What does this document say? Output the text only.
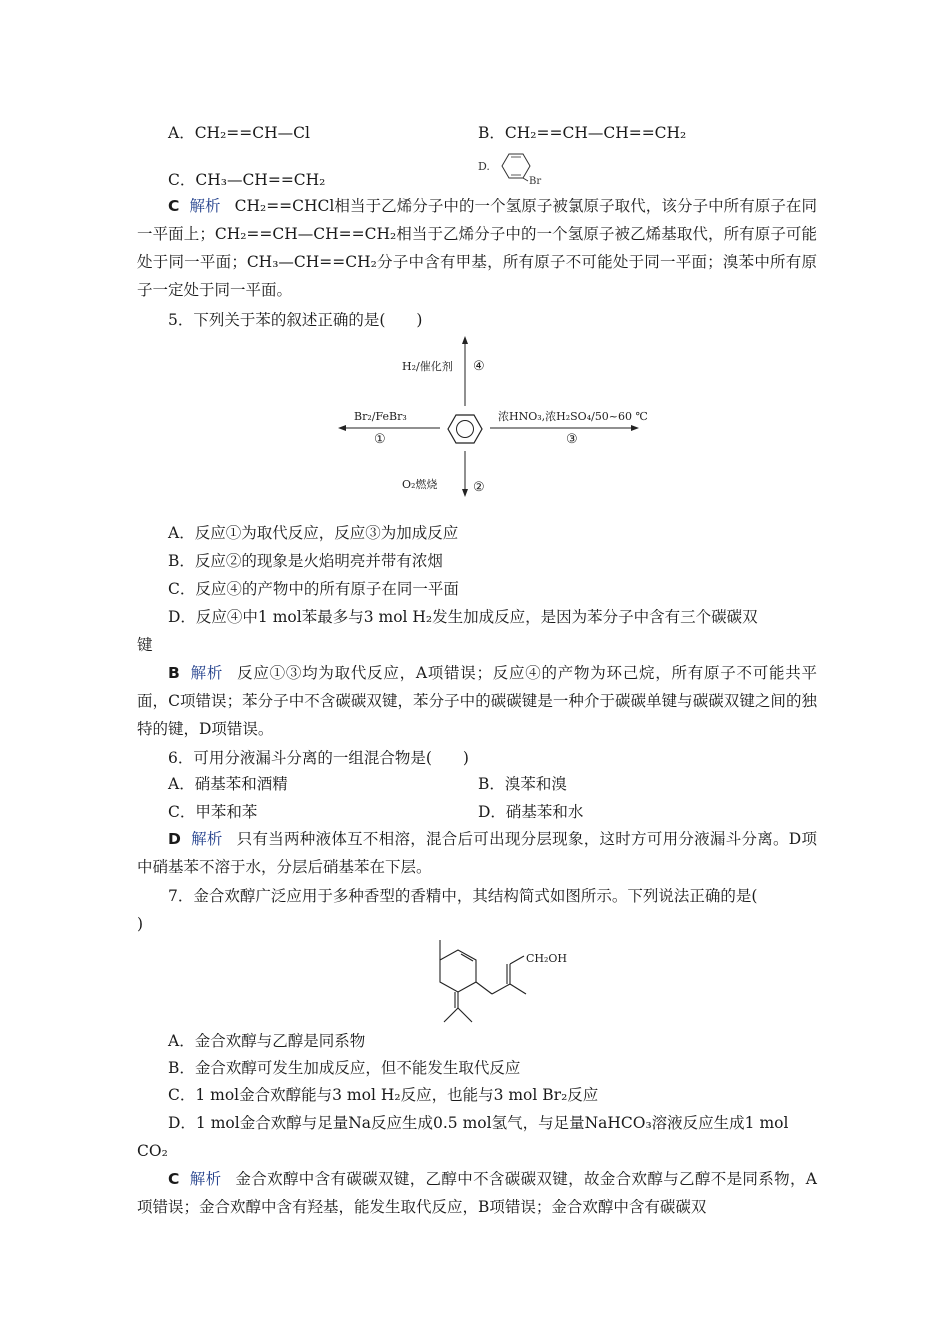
A．CH₂==CH—Cl	B．CH₂==CH—CH==CH₂
C．CH₃—CH==CH₂
D.
Br
C 解析 CH₂==CHCl相当于乙烯分子中的一个氢原子被氯原子取代，该分子中所有原子在同一平面上；CH₂==CH—CH==CH₂相当于乙烯分子中的一个氢原子被乙烯基取代，所有原子可能处于同一平面；CH₃—CH==CH₂分子中含有甲基，所有原子不可能处于同一平面；溴苯中所有原子一定处于同一平面。
5．下列关于苯的叙述正确的是(　　)
H₂/催化剂 ④
Br₂/FeBr₃
①
浓HNO₃,浓H₂SO₄/50~60 ℃
③
O₂燃烧	②
A．反应①为取代反应，反应③为加成反应
B．反应②的现象是火焰明亮并带有浓烟
C．反应④的产物中的所有原子在同一平面
D．反应④中1 mol苯最多与3 mol H₂发生加成反应，是因为苯分子中含有三个碳碳双
键
B 解析 反应①③均为取代反应，A项错误；反应④的产物为环己烷，所有原子不可能共平面，C项错误；苯分子中不含碳碳双键，苯分子中的碳碳键是一种介于碳碳单键与碳碳双键之间的独特的键，D项错误。
6．可用分液漏斗分离的一组混合物是(　　)
A．硝基苯和酒精	B．溴苯和溴
C．甲苯和苯	D．硝基苯和水
D 解析 只有当两种液体互不相溶，混合后可出现分层现象，这时方可用分液漏斗分离。D项中硝基苯不溶于水，分层后硝基苯在下层。
7．金合欢醇广泛应用于多种香型的香精中，其结构简式如图所示。下列说法正确的是(
)
CH₂OH
A．金合欢醇与乙醇是同系物
B．金合欢醇可发生加成反应，但不能发生取代反应
C．1 mol金合欢醇能与3 mol H₂反应，也能与3 mol Br₂反应
D．1 mol金合欢醇与足量Na反应生成0.5 mol氢气，与足量NaHCO₃溶液反应生成1 mol
CO₂
C 解析 金合欢醇中含有碳碳双键，乙醇中不含碳碳双键，故金合欢醇与乙醇不是同系物，A项错误；金合欢醇中含有羟基，能发生取代反应，B项错误；金合欢醇中含有碳碳双
